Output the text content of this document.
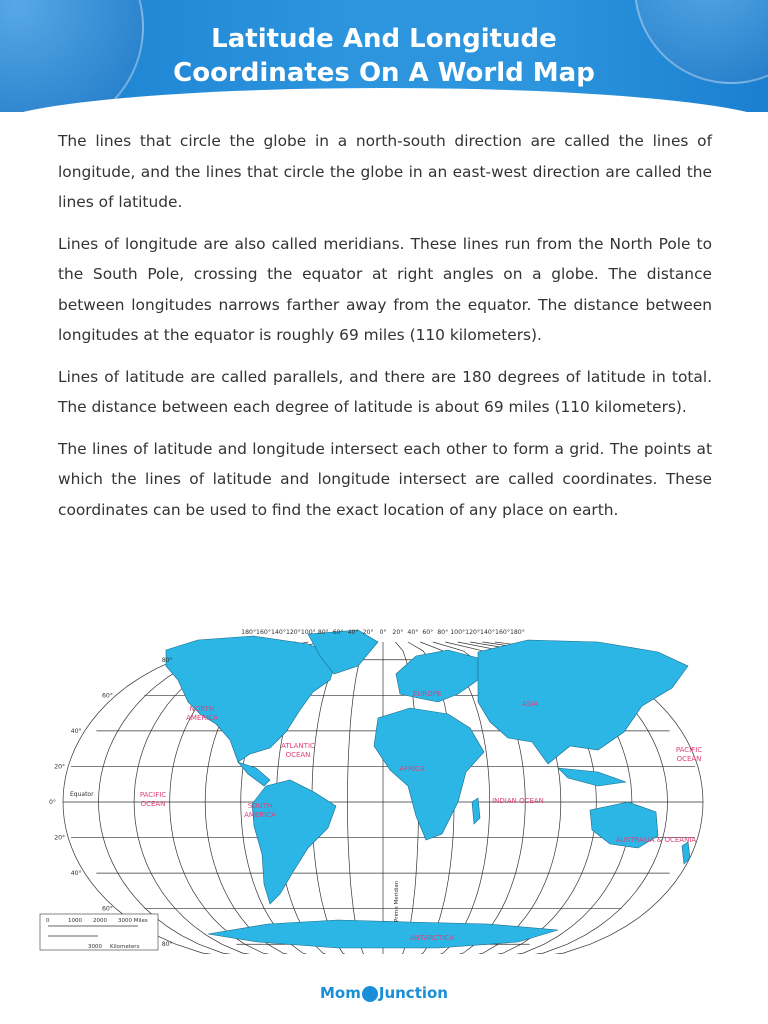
Latitude And Longitude
Coordinates On A World Map

The lines that circle the globe in a north-south direction are called the lines of longitude, and the lines that circle the globe in an east-west direction are called the lines of latitude.

Lines of longitude are also called meridians. These lines run from the North Pole to the South Pole, crossing the equator at right angles on a globe. The distance between longitudes narrows farther away from the equator. The distance between longitudes at the equator is roughly 69 miles (110 kilometers).

Lines of latitude are called parallels, and there are 180 degrees of latitude in total. The distance between each degree of latitude is about 69 miles (110 kilometers).

The lines of latitude and longitude intersect each other to form a grid. The points at which the lines of latitude and longitude intersect are called coordinates. These coordinates can be used to find the exact location of any place on earth.

180° 160° 140° 120° 100° 80° 60° 40° 20° 0° 20° 40° 60° 80° 100° 120° 140° 160° 180°
80°
60°
40°
20°
0°
20°
40°
60°
80°
Equator
Prime Meridian
NORTH
AMERICA
ATLANTIC
OCEAN
PACIFIC
OCEAN	SOUTH
AMERICA
EUROPE
ASIA
AFRICA
INDIAN OCEAN
PACIFIC
OCEAN
AUSTRALIA & OCEANIA
ANTARCTICA
0	1000 2000 3000 Miles
3000 Kilometers
Mom Junction
